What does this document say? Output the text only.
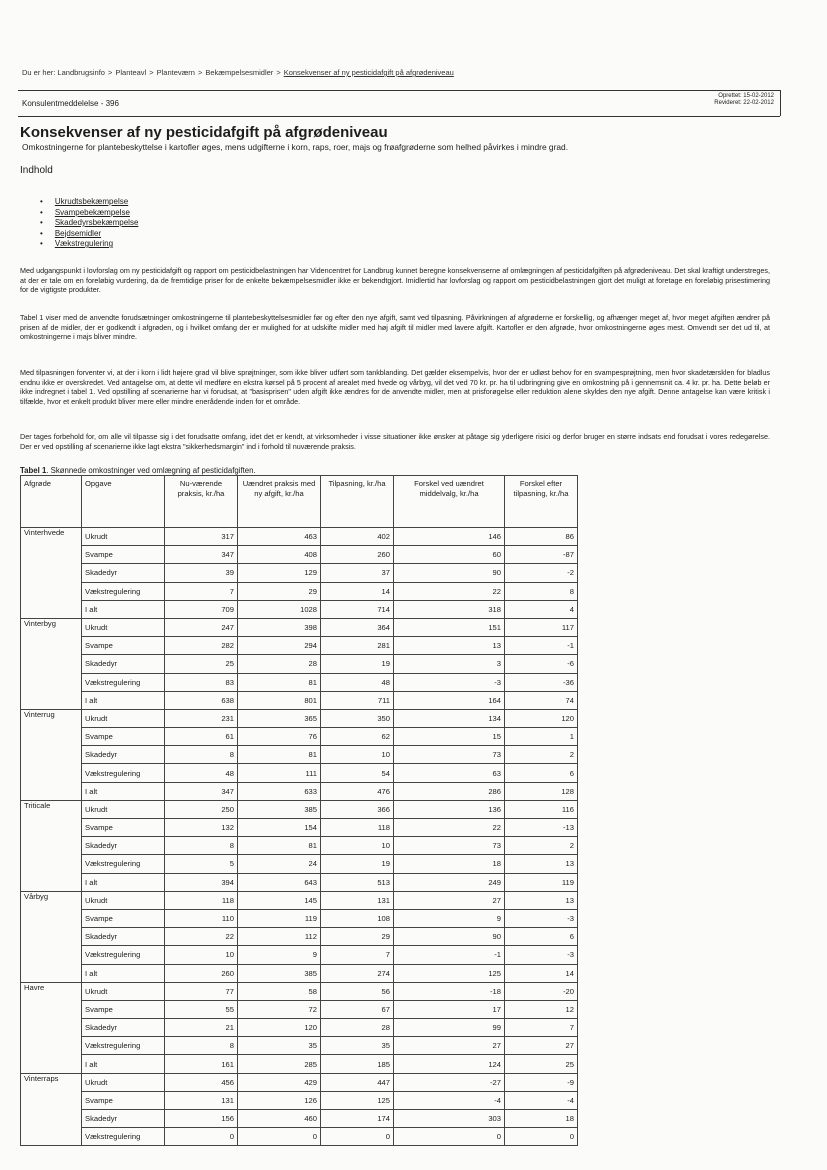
Du er her: Landbrugsinfo > Planteavl > Planteværn > Bekæmpelsesmidler > Konsekvenser af ny pesticidafgift på afgrødeniveau
Konsulentmeddelelse - 396
Oprettet: 15-02-2012
Revideret: 22-02-2012
Konsekvenser af ny pesticidafgift på afgrødeniveau
Omkostningerne for plantebeskyttelse i kartofler øges, mens udgifterne i korn, raps, roer, majs og frøafgrøderne som helhed påvirkes i mindre grad.
Indhold
• Ukrudtsbekæmpelse
• Svampebekæmpelse
• Skadedyrsbekæmpelse
• Bejdsemidler
• Vækstregulering

Med udgangspunkt i lovforslag om ny pesticidafgift og rapport om pesticidbelastningen har Videncentret for Landbrug kunnet beregne konsekvenserne af omlægningen af pesticidafgiften på afgrødeniveau. Det skal kraftigt understreges, at der er tale om en foreløbig vurdering, da de fremtidige priser for de enkelte bekæmpelsesmidler ikke er bekendtgjort. Imidlertid har lovforslag og rapport om pesticidbelastningen gjort det muligt at foretage en foreløbig prisestimering for de vigtigste produkter.

Tabel 1 viser med de anvendte forudsætninger omkostningerne til plantebeskyttelsesmidler før og efter den nye afgift, samt ved tilpasning. Påvirkningen af afgrøderne er forskellig, og afhænger meget af, hvor meget afgiften ændrer på prisen af de midler, der er godkendt i afgrøden, og i hvilket omfang der er mulighed for at udskifte midler med høj afgift til midler med lavere afgift. Kartofler er den afgrøde, hvor omkostningerne øges mest. Omvendt ser det ud til, at omkostningerne i majs bliver mindre.

Med tilpasningen forventer vi, at der i korn i lidt højere grad vil blive sprøjtninger, som ikke bliver udført som tankblanding. Det gælder eksempelvis, hvor der er udløst behov for en svampesprøjtning, men hvor skadetærsklen for bladlus endnu ikke er overskredet. Ved antagelse om, at dette vil medføre en ekstra kørsel på 5 procent af arealet med hvede og vårbyg, vil det ved 70 kr. pr. ha til udbringning give en omkostning på i gennemsnit ca. 4 kr. pr. ha. Dette beløb er ikke indregnet i tabel 1. Ved opstilling af scenarierne har vi forudsat, at "basisprisen" uden afgift ikke ændres for de anvendte midler, men at prisforøgelse eller reduktion alene skyldes den nye afgift. Denne antagelse kan være kritisk i tilfælde, hvor et enkelt produkt bliver mere eller mindre enerådende inden for et område.

Der tages forbehold for, om alle vil tilpasse sig i det forudsatte omfang, idet det er kendt, at virksomheder i visse situationer ikke ønsker at påtage sig yderligere risici og derfor bruger en større indsats end forudsat i vores redegørelse. Der er ved opstilling af scenarierne ikke lagt ekstra "sikkerhedsmargin" ind i forhold til nuværende praksis.

Tabel 1. Skønnede omkostninger ved omlægning af pesticidafgiften.
Afgrøde	Opgave	Nu-værende praksis, kr./ha	Uændret praksis med ny afgift, kr./ha	Tilpasning, kr./ha	Forskel ved uændret middelvalg, kr./ha	Forskel efter tilpasning, kr./ha
Vinterhvede	Ukrudt	317	463	402	146	86
	Svampe	347	408	260	60	-87
	Skadedyr	39	129	37	90	-2
	Vækstregulering	7	29	14	22	8
	I alt	709	1028	714	318	4
Vinterbyg	Ukrudt	247	398	364	151	117
	Svampe	282	294	281	13	-1
	Skadedyr	25	28	19	3	-6
	Vækstregulering	83	81	48	-3	-36
	I alt	638	801	711	164	74
Vinterrug	Ukrudt	231	365	350	134	120
	Svampe	61	76	62	15	1
	Skadedyr	8	81	10	73	2
	Vækstregulering	48	111	54	63	6
	I alt	347	633	476	286	128
Triticale	Ukrudt	250	385	366	136	116
	Svampe	132	154	118	22	-13
	Skadedyr	8	81	10	73	2
	Vækstregulering	5	24	19	18	13
	I alt	394	643	513	249	119
Vårbyg	Ukrudt	118	145	131	27	13
	Svampe	110	119	108	9	-3
	Skadedyr	22	112	29	90	6
	Vækstregulering	10	9	7	-1	-3
	I alt	260	385	274	125	14
Havre	Ukrudt	77	58	56	-18	-20
	Svampe	55	72	67	17	12
	Skadedyr	21	120	28	99	7
	Vækstregulering	8	35	35	27	27
	I alt	161	285	185	124	25
Vinterraps	Ukrudt	456	429	447	-27	-9
	Svampe	131	126	125	-4	-4
	Skadedyr	156	460	174	303	18
	Vækstregulering	0	0	0	0	0
